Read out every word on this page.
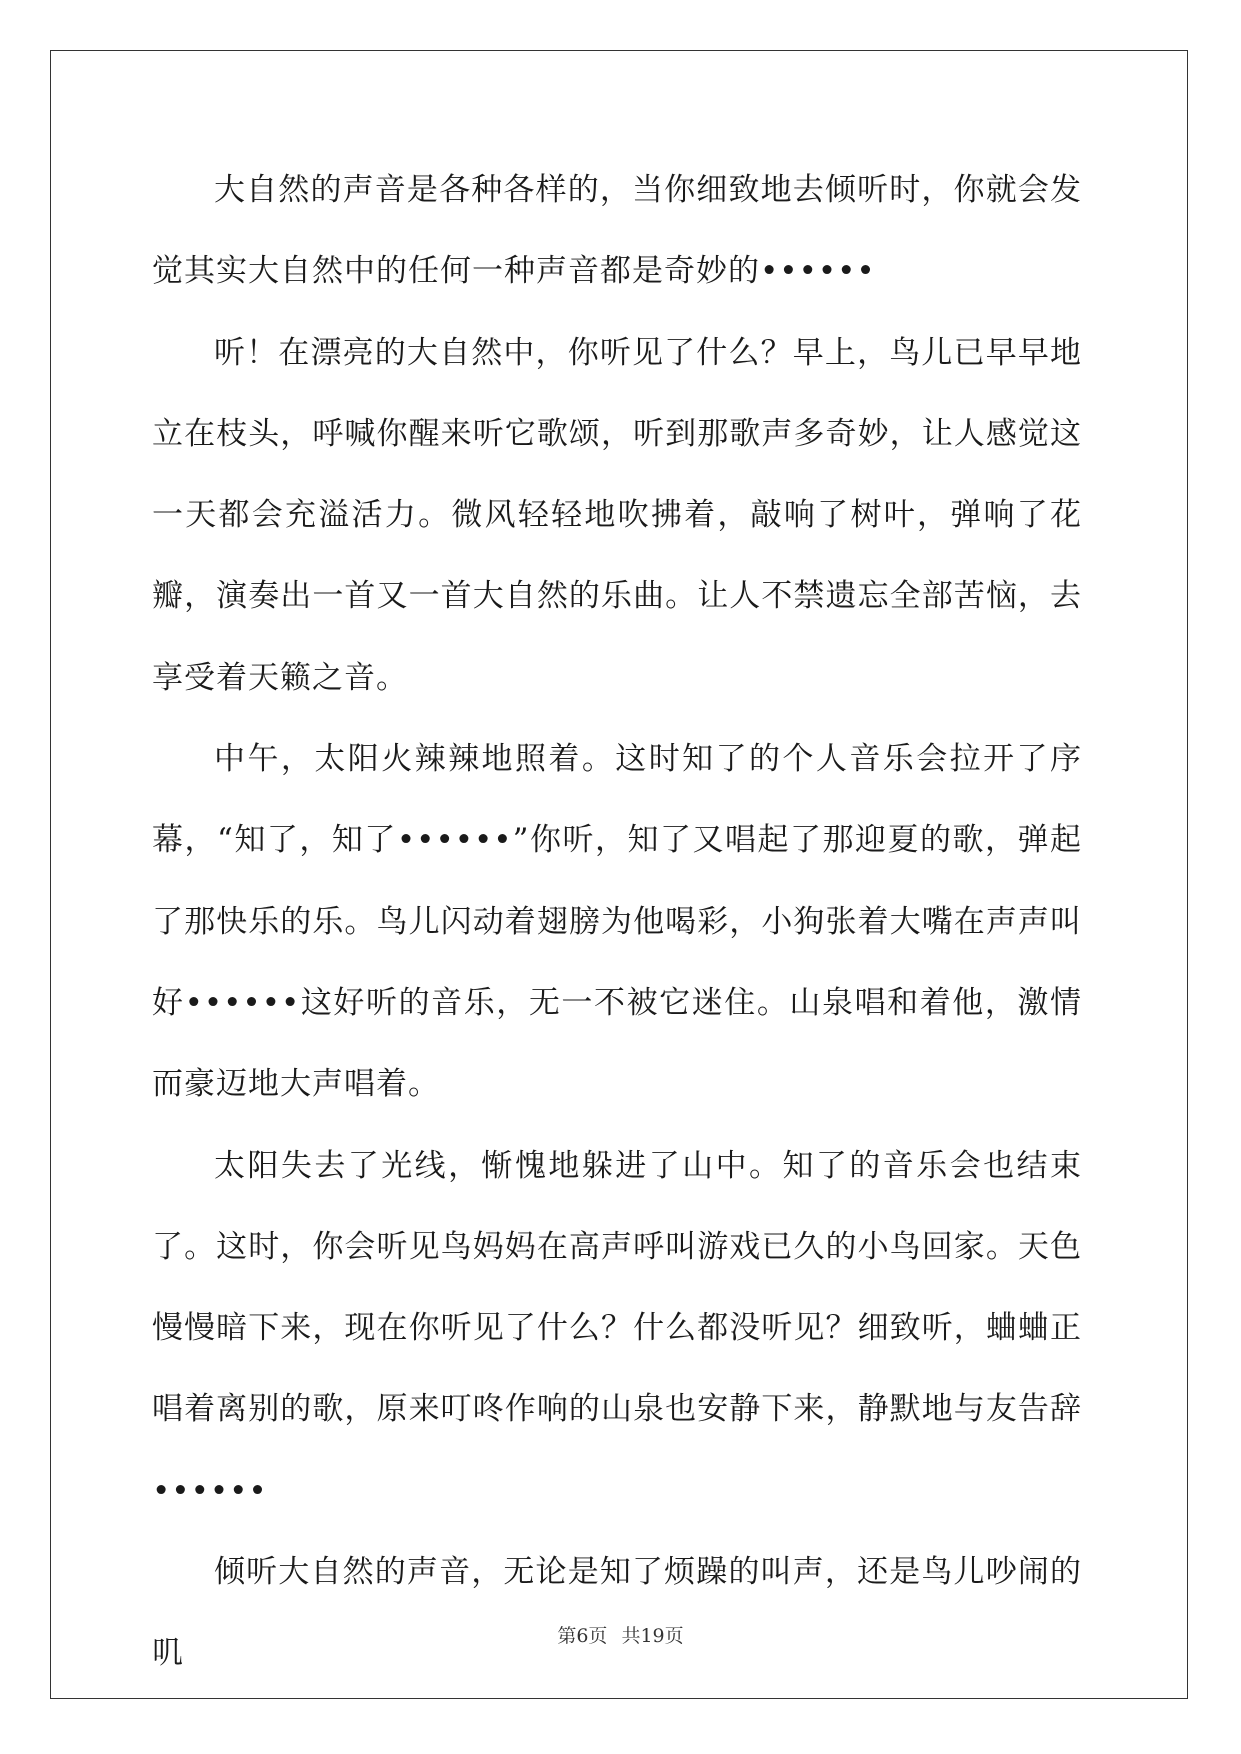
大自然的声音是各种各样的，当你细致地去倾听时，你就会发觉其实大自然中的任何一种声音都是奇妙的••••••

听！在漂亮的大自然中，你听见了什么？早上，鸟儿已早早地立在枝头，呼喊你醒来听它歌颂，听到那歌声多奇妙，让人感觉这一天都会充溢活力。微风轻轻地吹拂着，敲响了树叶，弹响了花瓣，演奏出一首又一首大自然的乐曲。让人不禁遗忘全部苦恼，去享受着天籁之音。

中午，太阳火辣辣地照着。这时知了的个人音乐会拉开了序幕，“知了，知了••••••”你听，知了又唱起了那迎夏的歌，弹起了那快乐的乐。鸟儿闪动着翅膀为他喝彩，小狗张着大嘴在声声叫好••••••这好听的音乐，无一不被它迷住。山泉唱和着他，激情而豪迈地大声唱着。

太阳失去了光线，惭愧地躲进了山中。知了的音乐会也结束了。这时，你会听见鸟妈妈在高声呼叫游戏已久的小鸟回家。天色慢慢暗下来，现在你听见了什么？什么都没听见？细致听，蛐蛐正唱着离别的歌，原来叮咚作响的山泉也安静下来，静默地与友告辞••••••

倾听大自然的声音，无论是知了烦躁的叫声，还是鸟儿吵闹的叽	第6页 共19页
